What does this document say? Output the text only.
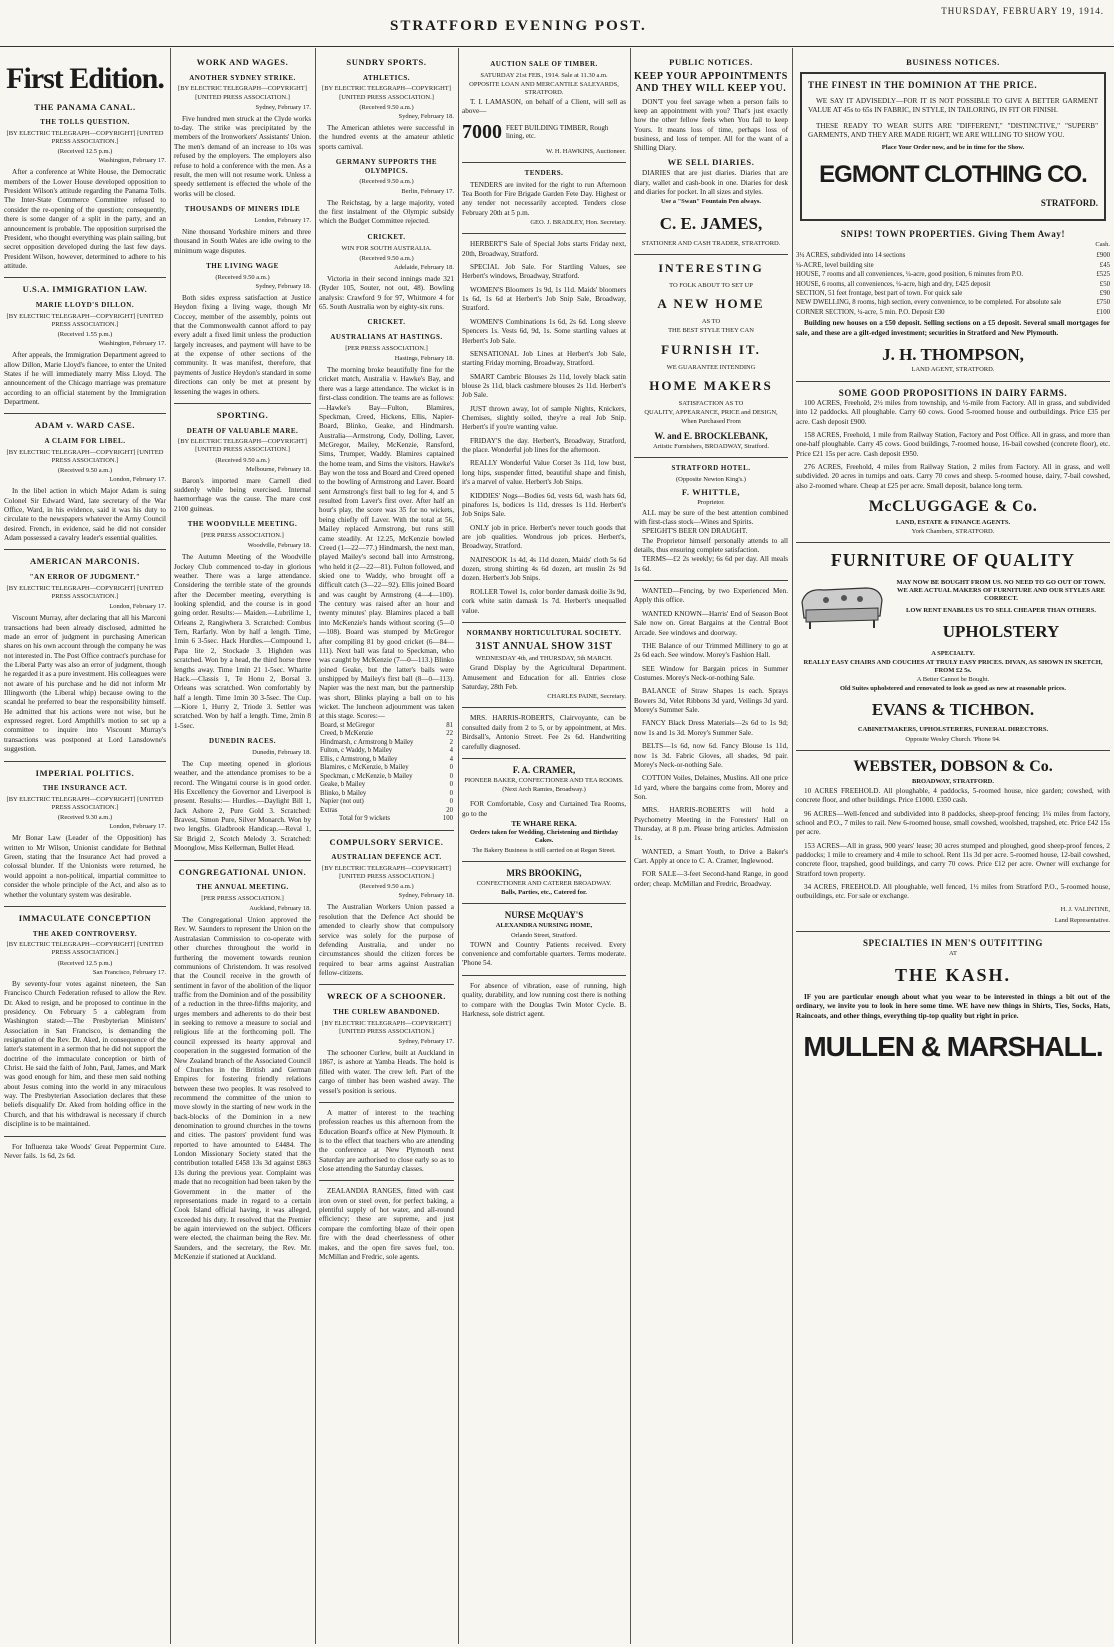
STRATFORD EVENING POST.
THURSDAY, FEBRUARY 19, 1914.
First Edition.
THE PANAMA CANAL.
THE TOLLS QUESTION.
[BY ELECTRIC TELEGRAPH—COPYRIGHT] [UNITED PRESS ASSOCIATION.]
(Received 12.5 p.m.)
Washington, February 17.

After a conference at White House, the Democratic members of the Lower House developed opposition to President Wilson's attitude regarding the Panama Tolls. The Inter-State Commerce Committee refused to consider the re-opening of the question; consequently, there is some danger of a split in the party, and an announcement is probable. The opposition surprised the President, who thought everything was plain sailing, but secret opposition developed during the last few days. President Wilson, however, determined to adhere to his attitude.

U.S.A. IMMIGRATION LAW.
MARIE LLOYD'S DILLON.
[BY ELECTRIC TELEGRAPH—COPYRIGHT] [UNITED PRESS ASSOCIATION.]
(Received 1.55 p.m.)
Washington, February 17.

After appeals, the Immigration Department agreed to allow Dillon, Marie Lloyd's fiancee, to enter the United States if he will immediately marry Miss Lloyd. The announcement of the Chicago marriage was premature according to an official statement by the Immigration Department.

ADAM v. WARD CASE.
A CLAIM FOR LIBEL.
[BY ELECTRIC TELEGRAPH—COPYRIGHT] [UNITED PRESS ASSOCIATION.]
(Received 9.50 a.m.)
London, February 17.

In the libel action in which Major Adam is suing Colonel Sir Edward Ward, late secretary of the War Office, Ward, in his evidence, said it was his duty to circulate to the newspapers whatever the Army Council desired. French, in evidence, said he did not consider Adam possessed a cavalry leader's essential qualities.

AMERICAN MARCONIS.
"AN ERROR OF JUDGMENT."
[BY ELECTRIC TELEGRAPH—COPYRIGHT] [UNITED PRESS ASSOCIATION.]
London, February 17.

Viscount Murray, after declaring that all his Marconi transactions had been already disclosed, admitted he made an error of judgment in purchasing American shares on his own account through the company he was not interested in. The Post Office contract's purchase for the Liberal Party was also an error of judgment, though he regarded it as a pure investment. His colleagues were not aware of his purchase and he did not inform Mr Illingworth (the Liberal whip) because owing to the scandal he preferred to bear the responsibility himself. He admitted that his actions were not wise, but he expressed regret. Lord Ampthill's motion to set up a committee to inquire into Viscount Murray's transactions was postponed at Lord Lansdowne's suggestion.

IMPERIAL POLITICS.
THE INSURANCE ACT.
[BY ELECTRIC TELEGRAPH—COPYRIGHT] [UNITED PRESS ASSOCIATION.]
(Received 9.30 a.m.)
London, February 17.

Mr Bonar Law (Leader of the Opposition) has written to Mr Wilson, Unionist candidate for Bethnal Green, stating that the Insurance Act had proved a colossal blunder. If the Unionists were returned, he would appoint a non-political, impartial committee to consider the whole principle of the Act, and also as to whether the voluntary system was desirable.

IMMACULATE CONCEPTION
THE AKED CONTROVERSY.
[BY ELECTRIC TELEGRAPH—COPYRIGHT] [UNITED PRESS ASSOCIATION.]
(Received 12.5 p.m.)
San Francisco, February 17.

By seventy-four votes against nineteen, the San Francisco Church Federation refused to allow the Rev. Dr. Aked to resign, and he proposed to continue in the presidency. On February 5 a cablegram from Washington stated:—The Presbyterian Ministers' Association in San Francisco, is demanding the resignation of the Rev. Dr. Aked, in consequence of the latter's statement in a sermon that he did not support the doctrine of the immaculate conception or birth of Christ. He said the faith of John, Paul, James, and Mark was good enough for him, and these men said nothing about Jesus coming into the world in any miraculous way. The Presbyterian Association declares that these beliefs disqualify Dr. Aked from holding office in the Church, and that his withdrawal is necessary if church discipline is to be maintained.

For Influenza take Woods' Great Peppermint Cure. Never fails. 1s 6d, 2s 6d.

WORK AND WAGES.
ANOTHER SYDNEY STRIKE.
[BY ELECTRIC TELEGRAPH—COPYRIGHT] [UNITED PRESS ASSOCIATION.]
Sydney, February 17.

Five hundred men struck at the Clyde works to-day. The strike was precipitated by the members of the Ironworkers' Assistants' Union. The men's demand of an increase to 10s was refused by the employers. The employers also refuse to hold a conference with the men. As a result, the men will not resume work. Unless a speedy settlement is effected the whole of the works will be closed.

THOUSANDS OF MINERS IDLE
London, February 17.

Nine thousand Yorkshire miners and three thousand in South Wales are idle owing to the minimum wage disputes.

THE LIVING WAGE
(Received 9.50 a.m.)
Sydney, February 18.

Both sides express satisfaction at Justice Heydon fixing a living wage, though Mr Coccey, member of the assembly, points out that the Commonwealth cannot afford to pay every adult a fixed limit unless the production largely increases, and payment will have to be at the expense of other sections of the community. It was manifest, therefore, that payments of Justice Heydon's standard in some directions can only be met at present by lessening the wages in others.

SPORTING.
DEATH OF VALUABLE MARE.
[BY ELECTRIC TELEGRAPH—COPYRIGHT] [UNITED PRESS ASSOCIATION.]
(Received 9.50 a.m.)
Melbourne, February 18.

Baron's imported mare Carnell died suddenly while being exercised. Internal haemorrhage was the cause. The mare cost 2100 guineas.

THE WOODVILLE MEETING.
[PER PRESS ASSOCIATION.]
Woodville, February 18.

The Autumn Meeting of the Woodville Jockey Club commenced to-day in glorious weather. There was a large attendance. Considering the terrible state of the grounds after the December meeting, everything is looking splendid, and the course is in good going order. Results:— Maiden.—Lubrilime 1, Orleans 2, Rangiwhera 3. Scratched: Combus Tern, Rarfarly. Won by half a length. Time, 1min 6 3-5sec. Hack Hurdles.—Compound 1, Papa lite 2, Stockade 3. Highden was scratched. Won by a head, the third horse three lengths away. Time 1min 21 1-5sec. Wharite Hack.—Classis 1, Te Honu 2, Borsal 3. Orleans was scratched. Won comfortably by half a length. Time 1min 30 3-5sec. The Cup.—Kiore 1, Hurry 2, Triode 3. Settler was scratched. Won by half a length. Time, 2min 8 1-5sec.

DUNEDIN RACES.
Dunedin, February 18.

The Cup meeting opened in glorious weather, and the attendance promises to be a record. The Wingatui course is in good order. His Excellency the Governor and Liverpool is present. Results:— Hurdles.—Daylight Bill 1, Jack Ashore 2, Pure Gold 3. Scratched: Bravest, Simon Pure, Silver Monarch. Won by two lengths. Gladbrook Handicap.—Reval 1, Sir Brigid 2, Scotch Melody 3. Scratched: Moonglow, Miss Kellerman, Bullet Head.

CONGREGATIONAL UNION.
THE ANNUAL MEETING.
[PER PRESS ASSOCIATION.]
Auckland, February 18.

The Congregational Union approved the Rev. W. Saunders to represent the Union on the Australasian Commission to co-operate with other churches throughout the world in furthering the movement towards reunion communions of Christendom. It was resolved that the Council receive in the growth of sentiment in favor of the abolition of the liquor traffic from the Dominion and of the possibility of a reduction in the three-fifths majority, and urges members and adherents to do their best in seeking to remove a measure to social and religious life at the forthcoming poll. The council expressed its hearty approval and cooperation in the suggested formation of the New Zealand branch of the Associated Council of Churches in the British and German Empires for fostering friendly relations between these two peoples. It was resolved to recommend the committee of the union to move slowly in the starting of new work in the back-blocks of the Dominion in a new denomination to ground churches in the towns and cities. The pastors' provident fund was reported to have amounted to £4484. The London Missionary Society stated that the contribution totalled £458 13s 3d against £863 13s during the previous year. Complaint was made that no recognition had been taken by the Government in the matter of the representations made in regard to a certain Cook Island official having, it was alleged, exceeded his duty. It resolved that the Premier be again interviewed on the subject. Officers were elected, the chairman being the Rev. Mr. Saunders, and the secretary, the Rev. Mr. McKenzie if stationed at Auckland.

SUNDRY SPORTS.
ATHLETICS.
[BY ELECTRIC TELEGRAPH—COPYRIGHT] [UNITED PRESS ASSOCIATION.]
(Received 9.50 a.m.)
Sydney, February 18.

The American athletes were successful in the hundred events at the amateur athletic sports carnival.

GERMANY SUPPORTS THE OLYMPICS.
(Received 9.50 a.m.)
Berlin, February 17.

The Reichstag, by a large majority, voted the first instalment of the Olympic subsidy which the Budget Committee rejected.

CRICKET.
WIN FOR SOUTH AUSTRALIA.
(Received 9.50 a.m.)
Adelaide, February 18.

Victoria in their second innings made 321 (Ryder 105, Souter, not out, 48). Bowling analysis: Crawford 9 for 97, Whitmore 4 for 65. South Australia won by eighty-six runs.

CRICKET.
AUSTRALIANS AT HASTINGS.
[PER PRESS ASSOCIATION.]
Hastings, February 18.

The morning broke beautifully fine for the cricket match, Australia v. Hawke's Bay, and there was a large attendance. The wicket is in first-class condition. The teams are as follows:—Hawke's Bay—Fulton, Blamires, Speckman, Creed, Hickens, Ellis, Napier-Board, Blinko, Geake, and Hindmarsh. Australia—Armstrong, Cody, Dolling, Laver, McGregor, Mailey, McKenzie, Ransford, Sims, Trumper, Waddy. Blamires captained the home team, and Sims the visitors. Hawke's Bay won the toss and Board and Creed opened to the bowling of Armstrong and Laver. Board sent Armstrong's first ball to leg for 4, and 5 resulted from Laver's first over. After half an hour's play, the score was 35 for no wickets, being chiefly off Laver. With the total at 56, Mailey replaced Armstrong, but runs still came steadily. At 12.25, McKenzie bowled Creed (1—22—77.) Hindmarsh, the next man, played Mailey's second ball into Armstrong, who held it (2—22—81). Fulton followed, and skied one to Waddy, who brought off a difficult catch (3—22—92). Ellis joined Board and was caught by Armstrong (4—4—100). The century was raised after an hour and twenty minutes' play. Blamires placed a ball into McKenzie's hands without scoring (5—0—108). Board was stumped by McGregor after compiling 81 by good cricket (6—84—111). Next ball was fatal to Speckman, who was caught by McKenzie (7—0—113.) Blinko joined Geake, but the latter's bails were unshipped by Mailey's first ball (8—0—113). Napier was the next man, but the partnership was short, Blinks playing a ball on to his wicket. The luncheon adjournment was taken at this stage. Scores:—

Board, st McGregor	81
Creed, b McKenzie	22
Hindmarsh, c Armstrong b Mailey	2
Fulton, c Waddy, b Mailey	4
Ellis, c Armstrong, b Mailey	4
Blamires, c McKenzie, b Mailey	0
Speckman, c McKenzie, b Mailey	0
Geake, b Mailey	0
Blinko, b Mailey	0
Napier (not out)	0
Extras	20
Total for 9 wickets	100
COMPULSORY SERVICE.
AUSTRALIAN DEFENCE ACT.
[BY ELECTRIC TELEGRAPH—COPYRIGHT] [UNITED PRESS ASSOCIATION.]
(Received 9.50 a.m.)
Sydney, February 18.

The Australian Workers Union passed a resolution that the Defence Act should be amended to clearly show that compulsory service was solely for the purpose of defending Australia, and under no circumstances should the citizen forces be required to bear arms against Australian fellow-citizens.

WRECK OF A SCHOONER.
THE CURLEW ABANDONED.
[BY ELECTRIC TELEGRAPH—COPYRIGHT] [UNITED PRESS ASSOCIATION.]
Sydney, February 17.

The schooner Curlew, built at Auckland in 1867, is ashore at Yamba Heads. The hold is filled with water. The crew left. Part of the cargo of timber has been washed away. The vessel's position is serious.

A matter of interest to the teaching profession reaches us this afternoon from the Education Board's office at New Plymouth. It is to the effect that teachers who are attending the conference at New Plymouth next Saturday are authorised to close early so as to close attending the Saturday classes.

ZEALANDIA RANGES, fitted with cast iron oven or steel oven, for perfect baking, a plentiful supply of hot water, and all-round efficiency; these are supreme, and just compare the comforting blaze of their open fire with the dead cheerlessness of other makes, and the open fire saves fuel, too. McMillan and Fredric, sole agents.

AUCTION SALE OF TIMBER.
SATURDAY 21st FEB., 1914. Sale at 11.30 a.m.
OPPOSITE LOAN AND MERCANTILE SALEYARDS, STRATFORD.

T. I. LAMASON, on behalf of a Client, will sell as above—

7000 FEET BUILDING TIMBER, Rough lining, etc.
W. H. HAWKINS, Auctioneer.
TENDERS.

TENDERS are invited for the right to run Afternoon Tea Booth for Fire Brigade Garden Fete Day. Highest or any tender not necessarily accepted. Tenders close February 20th at 5 p.m.

GEO. J. BRADLEY, Hon. Secretary.

HERBERT'S Sale of Special Jobs starts Friday next, 20th, Broadway, Stratford.

SPECIAL Job Sale. For Startling Values, see Herbert's windows, Broadway, Stratford.

WOMEN'S Bloomers 1s 9d, 1s 11d. Maids' bloomers 1s 6d, 1s 6d at Herbert's Job Snip Sale, Broadway, Stratford.

WOMEN'S Combinations 1s 6d, 2s 6d. Long sleeve Spencers 1s. Vests 6d, 9d, 1s. Some startling values at Herbert's Job Sale.

SENSATIONAL Job Lines at Herbert's Job Sale, starting Friday morning, Broadway, Stratford.

SMART Cambric Blouses 2s 11d, lovely black satin blouse 2s 11d, black cashmere blouses 2s 11d. Herbert's Job Sale.

JUST thrown away, lot of sample Nights, Knickers, Chemises, slightly soiled, they're a real Job Snip. Herbert's if you're wanting value.

FRIDAY'S the day. Herbert's, Broadway, Stratford, the place. Wonderful job lines for the afternoon.

REALLY Wonderful Value Corset 3s 11d, low bust, long hips, suspender fitted, beautiful shape and finish, it's a marvel of value. Herbert's Job Snips.

KIDDIES' Nogs—Bodies 6d, vests 6d, wash hats 6d, pinafores 1s, bodices 1s 11d, dresses 1s 11d. Herbert's Job Snips Sale.

ONLY job in price. Herbert's never touch goods that are job qualities. Wondrous job prices. Herbert's, Broadway, Stratford.

NAINSOOK 1s 4d, 4s 11d dozen, Maids' cloth 5s 6d dozen, strong shirting 4s 6d dozen, art muslin 2s 9d dozen. Herbert's Job Snips.

ROLLER Towel 1s, color border damask doilie 3s 9d, cork white satin damask 1s 7d. Herbert's unequalled value.

NORMANBY HORTICULTURAL SOCIETY.
31ST ANNUAL SHOW 31ST
WEDNESDAY 4th, and THURSDAY, 5th MARCH.

Grand Display by the Agricultural Department. Amusement and Education for all. Entries close Saturday, 28th Feb.

CHARLES PAINE, Secretary.

MRS. HARRIS-ROBERTS, Clairvoyante, can be consulted daily from 2 to 5, or by appointment, at Mrs. Birdsall's, Antonio Street. Fee 2s 6d. Handwriting carefully diagnosed.

F. A. CRAMER,
PIONEER BAKER, CONFECTIONER AND TEA ROOMS.
(Next Arch Ramies, Broadway.)

FOR Comfortable, Cosy and Curtained Tea Rooms, go to the

TE WHARE REKA.
Orders taken for Wedding, Christening and Birthday Cakes.
The Bakery Business is still carried on at Regan Street.
MRS BROOKING,
CONFECTIONER AND CATERER BROADWAY.
Balls, Parties, etc., Catered for.
NURSE McQUAY'S
ALEXANDRA NURSING HOME,
Orlando Street, Stratford.

TOWN and Country Patients received. Every convenience and comfortable quarters. Terms moderate. 'Phone 54.

For absence of vibration, ease of running, high quality, durability, and low running cost there is nothing to compare with the Douglas Twin Motor Cycle. B. Harkness, sole district agent.

PUBLIC NOTICES.
KEEP YOUR APPOINTMENTS AND THEY WILL KEEP YOU.

DON'T you feel savage when a person fails to keep an appointment with you? That's just exactly how the other fellow feels when You fail to keep Yours. It means loss of time, perhaps loss of business, and loss of temper. All for the want of a Shilling Diary.

WE SELL DIARIES.

DIARIES that are just diaries. Diaries that are diary, wallet and cash-book in one. Diaries for desk and diaries for pocket. In all sizes and styles.

Use a "Swan" Fountain Pen always.
C. E. JAMES,
STATIONER AND CASH TRADER, STRATFORD.
INTERESTING
TO FOLK ABOUT TO SET UP
A NEW HOME
AS TO
THE BEST STYLE THEY CAN
FURNISH IT.
WE GUARANTEE INTENDING
HOME MAKERS
SATISFACTION AS TO
QUALITY, APPEARANCE, PRICE and DESIGN,
When Purchased From
W. and E. BROCKLEBANK,
Artistic Furnishers, BROADWAY, Stratford.
STRATFORD HOTEL.
(Opposite Newton King's.)
F. WHITTLE,
Proprietor.

ALL may be sure of the best attention combined with first-class stock—Wines and Spirits.

SPEIGHT'S BEER ON DRAUGHT.

The Proprietor himself personally attends to all details, thus ensuring complete satisfaction.

TERMS—£2 2s weekly; 6s 6d per day. All meals 1s 6d.

WANTED—Fencing, by two Experienced Men. Apply this office.

WANTED KNOWN—Harris' End of Season Boot Sale now on. Great Bargains at the Central Boot Arcade. See windows and doorway.

THE Balance of our Trimmed Millinery to go at 2s 6d each. See window. Morey's Fashion Hall.

SEE Window for Bargain prices in Summer Costumes. Morey's Neck-or-nothing Sale.

BALANCE of Straw Shapes 1s each. Sprays Bowers 3d, Velet Ribbons 3d yard, Veilings 3d yard. Morey's Summer Sale.

FANCY Black Dress Materials—2s 6d to 1s 9d; now 1s and 1s 3d. Morey's Summer Sale.

BELTS—1s 6d, now 6d. Fancy Blouse 1s 11d, now 1s 3d. Fabric Gloves, all shades, 9d pair. Morey's Neck-or-nothing Sale.

COTTON Voiles, Delaines, Muslins. All one price 1d yard, where the bargains come from, Morey and Son.

MRS. HARRIS-ROBERTS will hold a Psychometry Meeting in the Foresters' Hall on Thursday, at 8 p.m. Please bring articles. Admission 1s.

WANTED, a Smart Youth, to Drive a Baker's Cart. Apply at once to C. A. Cramer, Inglewood.

FOR SALE—3-feet Second-hand Range, in good order; cheap. McMillan and Fredric, Broadway.

BUSINESS NOTICES.
THE FINEST IN THE DOMINION AT THE PRICE.

WE SAY IT ADVISEDLY—FOR IT IS NOT POSSIBLE TO GIVE A BETTER GARMENT VALUE AT 45s to 65s IN FABRIC, IN STYLE, IN TAILORING, IN FIT OR FINISH.

THESE READY TO WEAR SUITS ARE "DIFFERENT," "DISTINCTIVE," "SUPERB" GARMENTS, AND THEY ARE MADE RIGHT, WE ARE WILLING TO SHOW YOU.

Place Your Order now, and be in time for the Show.
EGMONT CLOTHING CO.
STRATFORD.
SNIPS! TOWN PROPERTIES. Giving Them Away!
Cash.
£900
3¼ ACRES, subdivided into 14 sections
£45
¼-ACRE, level building site
£525
HOUSE, 7 rooms and all conveniences, ¼-acre, good position, 6 minutes from P.O.
£50
HOUSE, 6 rooms, all conveniences, ¼-acre, high and dry, £425 deposit
£90
SECTION, 51 feet frontage, best part of town. For quick sale
£750
NEW DWELLING, 8 rooms, high section, every convenience, to be completed. For absolute sale
£100
CORNER SECTION, ¼-acre, 5 min. P.O. Deposit £30

Building new houses on a £50 deposit. Selling sections on a £5 deposit. Several small mortgages for sale, and these are a gilt-edged investment; securities in Stratford and New Plymouth.

J. H. THOMPSON,
LAND AGENT, STRATFORD.
SOME GOOD PROPOSITIONS IN DAIRY FARMS.

100 ACRES, Freehold, 2½ miles from township, and ½-mile from Factory. All in grass, and subdivided into 12 paddocks. All ploughable. Carry 60 cows. Good 5-roomed house and outbuildings. Price £35 per acre. Cash deposit £900.

158 ACRES, Freehold, 1 mile from Railway Station, Factory and Post Office. All in grass, and more than one-half ploughable. Carry 45 cows. Good buildings, 7-roomed house, 16-bail cowshed (concrete floor), etc. Price £21 15s per acre. Cash deposit £950.

276 ACRES, Freehold, 4 miles from Railway Station, 2 miles from Factory. All in grass, and well subdivided. 20 acres in turnips and oats. Carry 70 cows and sheep. 5-roomed house, dairy, 7-bail cowshed, also 2-roomed whare. Cheap at £25 per acre. Small deposit, balance long term.

McCLUGGAGE & Co.
LAND, ESTATE & FINANCE AGENTS.
York Chambers, STRATFORD.
FURNITURE OF QUALITY
MAY NOW BE BOUGHT FROM US. NO NEED TO GO OUT OF TOWN. WE ARE ACTUAL MAKERS OF FURNITURE AND OUR STYLES ARE CORRECT.
LOW RENT ENABLES US TO SELL CHEAPER THAN OTHERS.
UPHOLSTERY
A SPECIALTY.
REALLY EASY CHAIRS AND COUCHES AT TRULY EASY PRICES. DIVAN, AS SHOWN IN SKETCH, FROM £2 5s.
A Better Cannot be Bought.
Old Suites upholstered and renovated to look as good as new at reasonable prices.
EVANS & TICHBON.
CABINETMAKERS, UPHOLSTERERS, FUNERAL DIRECTORS.
Opposite Wesley Church. 'Phone 94.
WEBSTER, DOBSON & Co.
BROADWAY, STRATFORD.

10 ACRES FREEHOLD. All ploughable, 4 paddocks, 5-roomed house, nice garden; cowshed, with concrete floor, and other buildings. Price £1000. £350 cash.

96 ACRES—Well-fenced and subdivided into 8 paddocks, sheep-proof fencing; 1¼ miles from factory, school and P.O., 7 miles to rail. New 6-roomed house, small cowshed, woolshed, trapshed, etc. Price £42 15s per acre.

153 ACRES—All in grass, 900 years' lease; 30 acres stumped and ploughed, good sheep-proof fences, 2 paddocks; 1 mile to creamery and 4 mile to school. Rent 11s 3d per acre. 5-roomed house, 12-bail cowshed, concrete floor, trapshed, good buildings, and carry 70 cows. Price £12 per acre. Owner will exchange for Stratford town property.

34 ACRES, FREEHOLD. All ploughable, well fenced, 1½ miles from Stratford P.O., 5-roomed house, outbuildings, etc. For sale or exchange.

H. J. VALINTINE,
Land Representative.
SPECIALTIES IN MEN'S OUTFITTING
AT
THE KASH.

IF you are particular enough about what you wear to be interested in things a bit out of the ordinary, we invite you to look in here some time. WE have new things in Shirts, Ties, Socks, Hats, Raincoats, and other things, everything tip-top quality but right in price.

MULLEN & MARSHALL.
